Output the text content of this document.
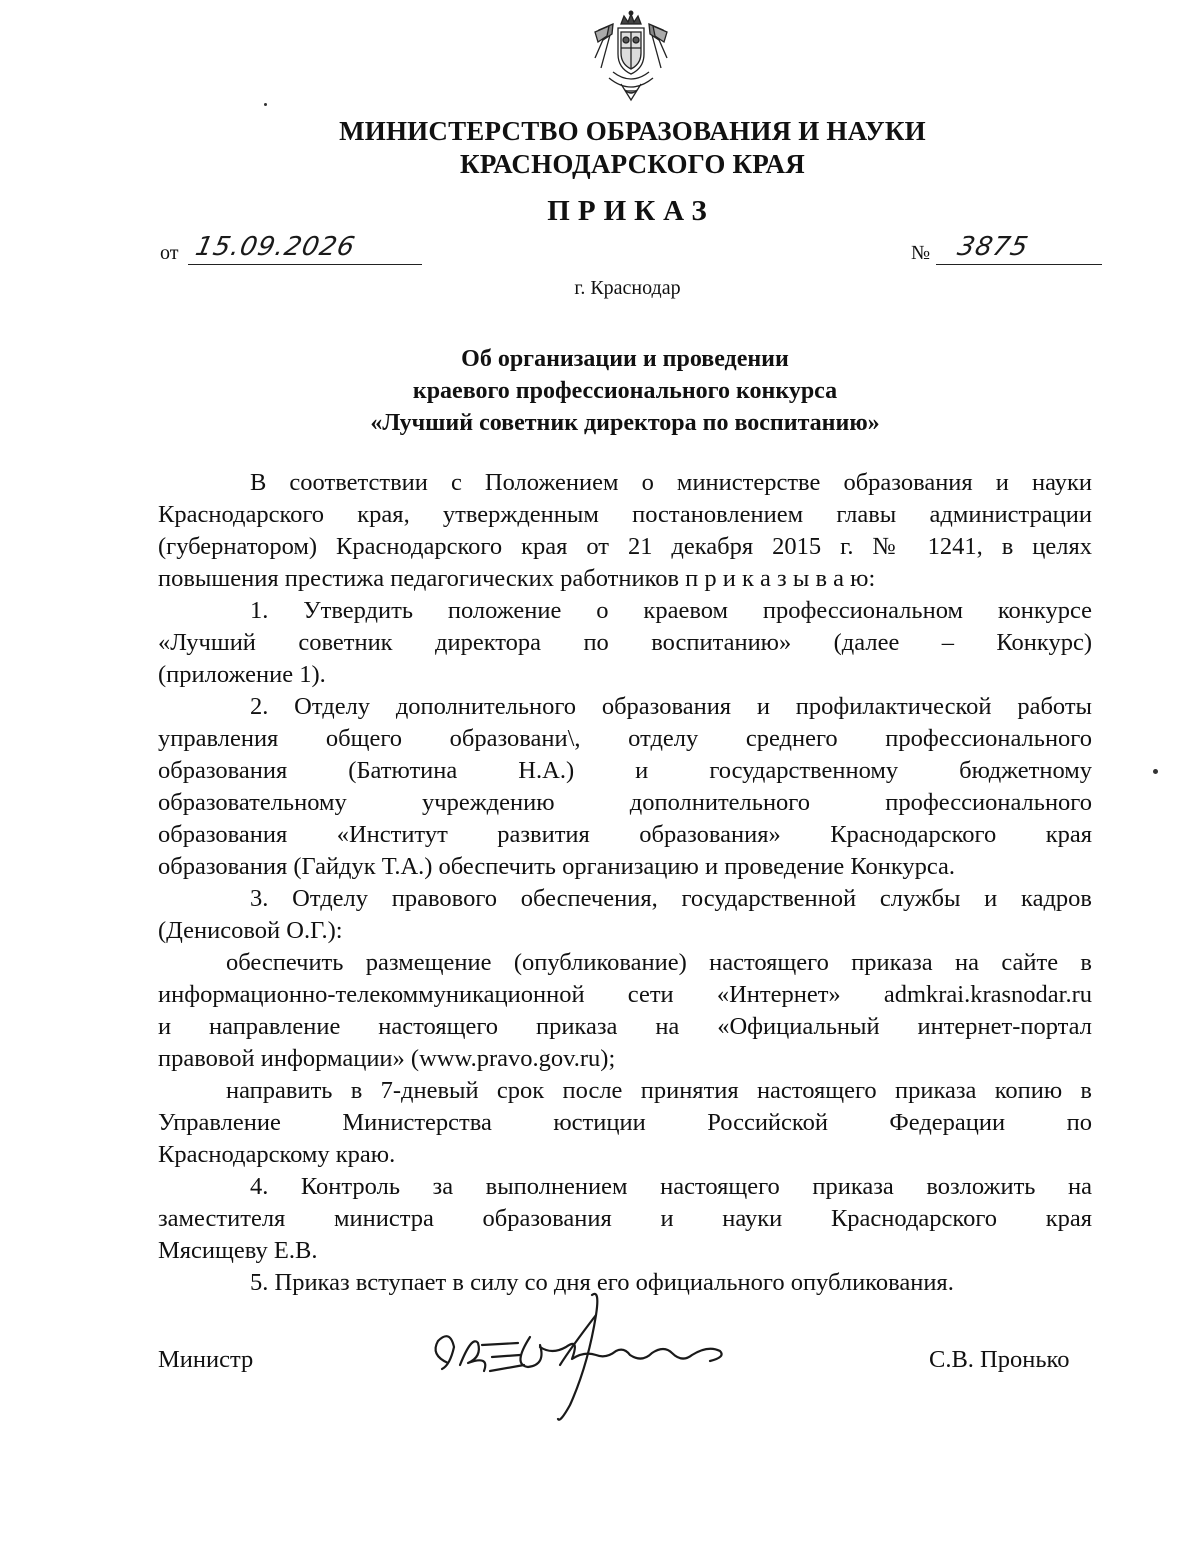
МИНИСТЕРСТВО ОБРАЗОВАНИЯ И НАУКИ
КРАСНОДАРСКОГО КРАЯ
ПРИКАЗ
от 15.09.2026	№ 3875
г. Краснодар
Об организации и проведении
краевого профессионального конкурса
«Лучший советник директора по воспитанию»
В соответствии с Положением о министерстве образования и науки
Краснодарского края, утвержденным постановлением главы администрации
(губернатором) Краснодарского края от 21 декабря 2015 г. № 1241, в целях
повышения престижа педагогических работников п р и к а з ы в а ю:
1. Утвердить положение о краевом профессиональном конкурсе
«Лучший советник директора по воспитанию» (далее – Конкурс)
(приложение 1).
2. Отделу дополнительного образования и профилактической работы
управления общего образовани\, отделу среднего профессионального
образования (Батютина Н.А.) и государственному бюджетному
образовательному учреждению дополнительного профессионального
образования «Институт развития образования» Краснодарского края
образования (Гайдук Т.А.) обеспечить организацию и проведение Конкурса.
3. Отделу правового обеспечения, государственной службы и кадров
(Денисовой О.Г.):
обеспечить размещение (опубликование) настоящего приказа на сайте в
информационно-телекоммуникационной сети «Интернет» admkrai.krasnodar.ru
и направление настоящего приказа на «Официальный интернет-портал
правовой информации» (www.pravo.gov.ru);
направить в 7-дневый срок после принятия настоящего приказа копию в
Управление Министерства юстиции Российской Федерации по
Краснодарскому краю.
4. Контроль за выполнением настоящего приказа возложить на
заместителя министра образования и науки Краснодарского края
Мясищеву Е.В.
5. Приказ вступает в силу со дня его официального опубликования.
Министр	С.В. Пронько
